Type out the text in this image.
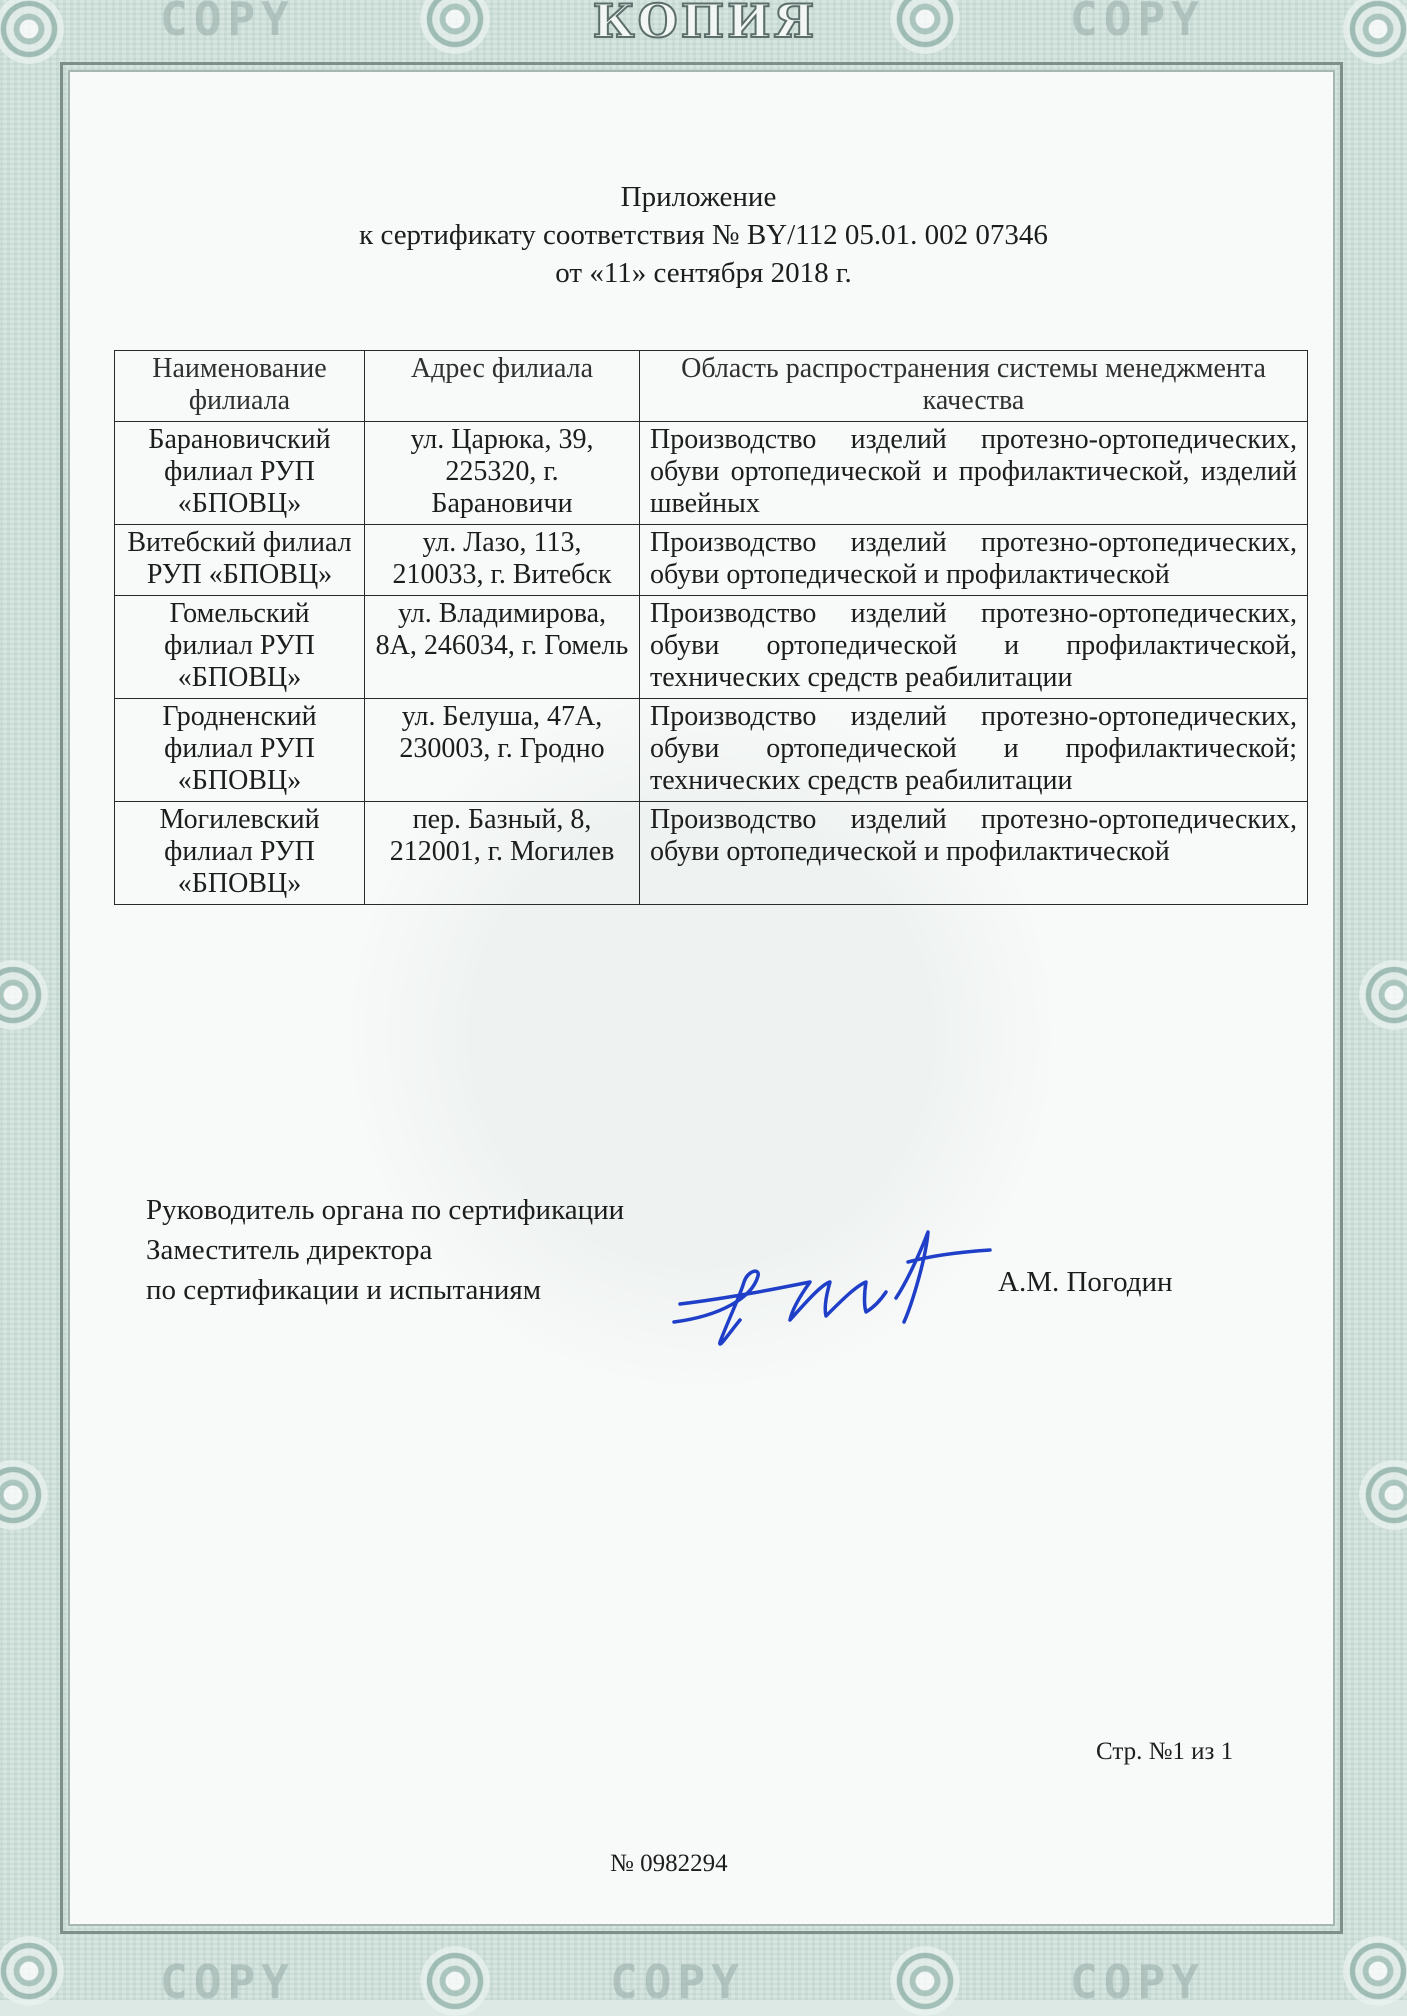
COPY	COPY
COPY	COPY	COPY
КОПИЯ
Приложение
к сертификату соответствия № BY/112 05.01. 002 07346
от «11» сентября 2018 г.
Наименование филиала	Адрес филиала	Область распространения системы менеджмента качества
Барановичский филиал РУП «БПОВЦ»	ул. Царюка, 39, 225320, г. Барановичи	Производство изделий протезно-ортопедических, обуви ортопедической и профилактической, изделий швейных
Витебский филиал РУП «БПОВЦ»	ул. Лазо, 113, 210033, г. Витебск	Производство изделий протезно-ортопедических, обуви ортопедической и профилактической
Гомельский филиал РУП «БПОВЦ»	ул. Владимирова, 8А, 246034, г. Гомель	Производство изделий протезно-ортопедических, обуви ортопедической и профилактической, технических средств реабилитации
Гродненский филиал РУП «БПОВЦ»	ул. Белуша, 47А, 230003, г. Гродно	Производство изделий протезно-ортопедических, обуви ортопедической и профилактической; технических средств реабилитации
Могилевский филиал РУП «БПОВЦ»	пер. Базный, 8, 212001, г. Могилев	Производство изделий протезно-ортопедических, обуви ортопедической и профилактической
Руководитель органа по сертификации
Заместитель директора
по сертификации и испытаниям	А.М. Погодин
Стр. №1 из 1
№ 0982294
